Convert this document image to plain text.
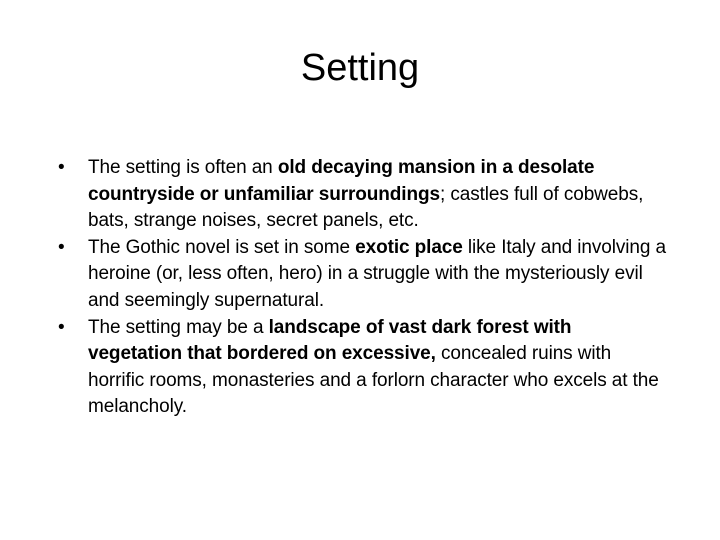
Setting
• The setting is often an old decaying mansion in a desolate countryside or unfamiliar surroundings; castles full of cobwebs, bats, strange noises, secret panels, etc.
• The Gothic novel is set in some exotic place like Italy and involving a heroine (or, less often, hero) in a struggle with the mysteriously evil and seemingly supernatural.
• The setting may be a landscape of vast dark forest with vegetation that bordered on excessive, concealed ruins with horrific rooms, monasteries and a forlorn character who excels at the melancholy.
